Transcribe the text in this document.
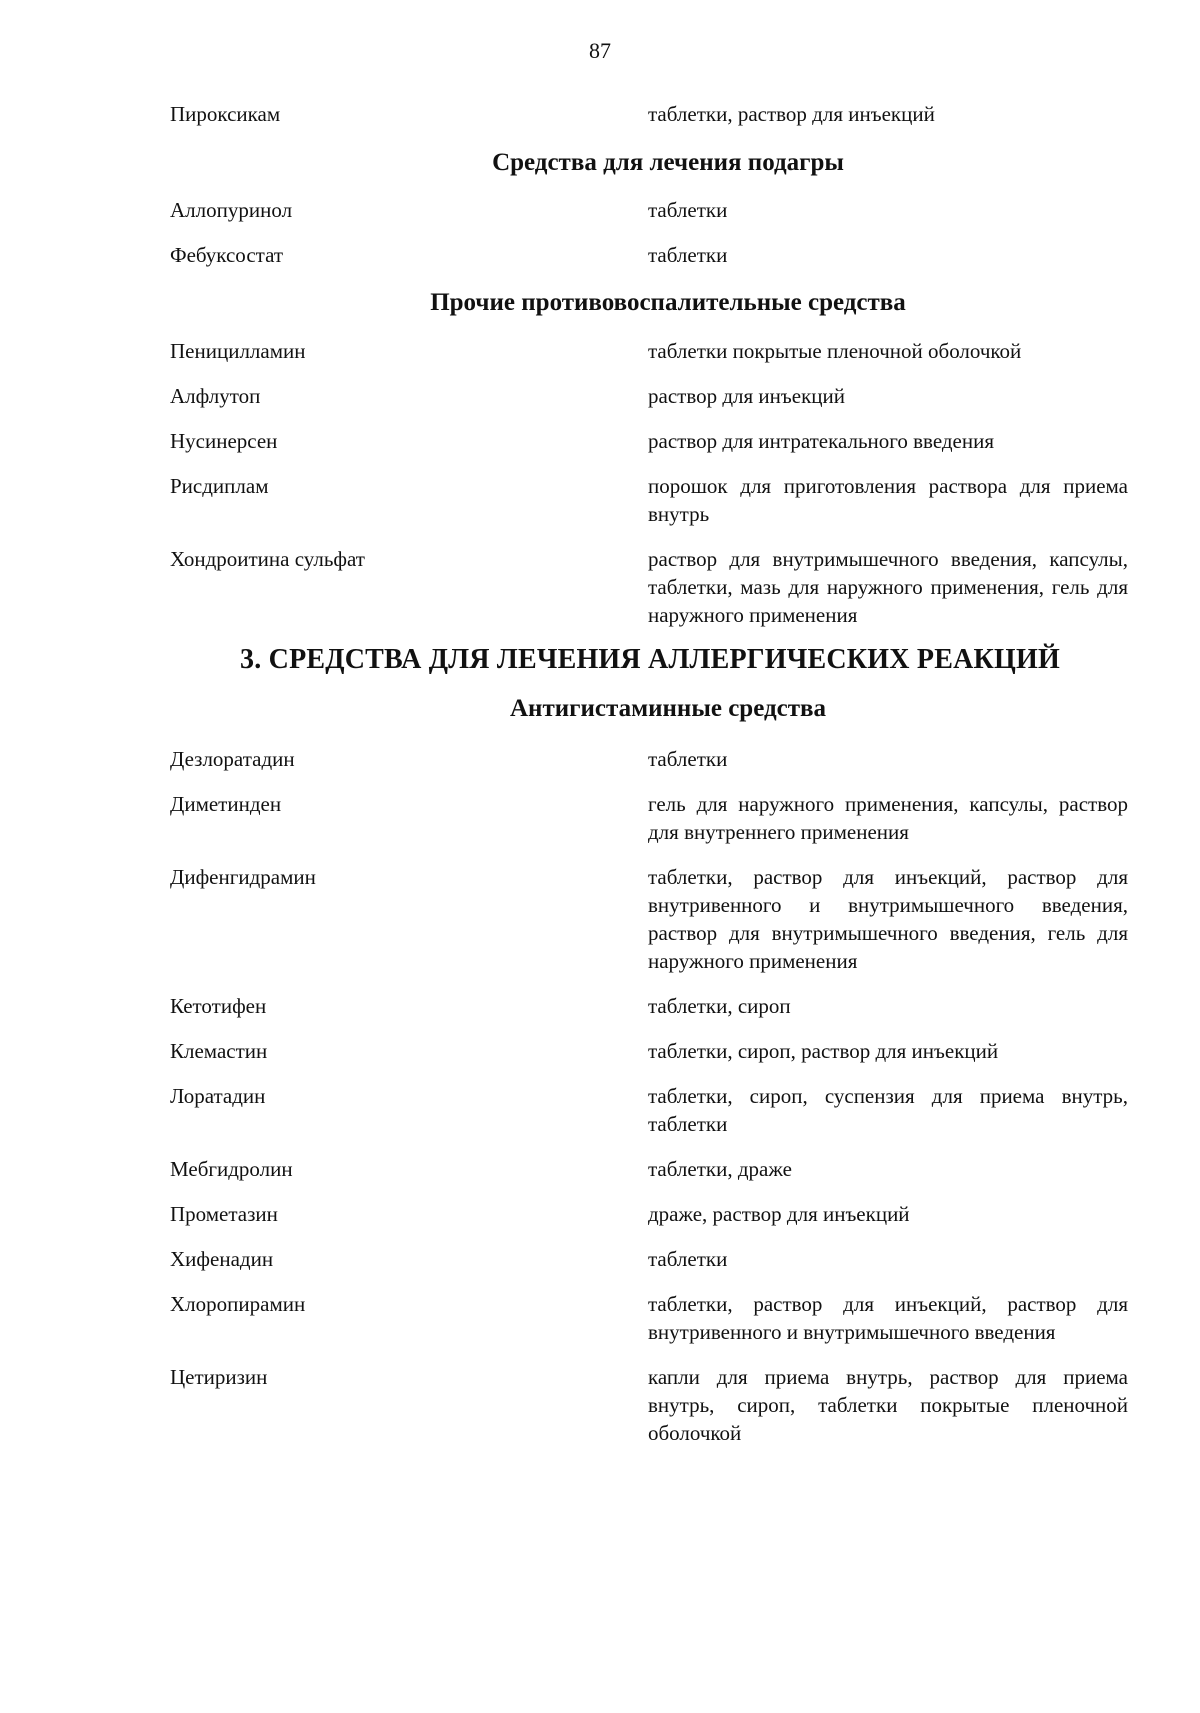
87
Пироксикам	таблетки, раствор для инъекций
Средства для лечения подагры
Аллопуринол	таблетки
Фебуксостат	таблетки
Прочие противовоспалительные средства
Пеницилламин	таблетки покрытые пленочной оболочкой
Алфлутоп	раствор для инъекций
Нусинерсен	раствор для интратекального введения
Рисдиплам	порошок для приготовления раствора для приема внутрь
Хондроитина сульфат	раствор для внутримышечного введения, капсулы, таблетки, мазь для наружного применения, гель для наружного применения
3. СРЕДСТВА ДЛЯ ЛЕЧЕНИЯ АЛЛЕРГИЧЕСКИХ РЕАКЦИЙ
Антигистаминные средства
Дезлоратадин	таблетки
Диметинден	гель для наружного применения, капсулы, раствор для внутреннего применения
Дифенгидрамин	таблетки, раствор для инъекций, раствор для внутривенного и внутримышечного введения, раствор для внутримышечного введения, гель для наружного применения
Кетотифен	таблетки, сироп
Клемастин	таблетки, сироп, раствор для инъекций
Лоратадин	таблетки, сироп, суспензия для приема внутрь, таблетки
Мебгидролин	таблетки, драже
Прометазин	драже, раствор для инъекций
Хифенадин	таблетки
Хлоропирамин	таблетки, раствор для инъекций, раствор для внутривенного и внутримышечного введения
Цетиризин	капли для приема внутрь, раствор для приема внутрь, сироп, таблетки покрытые пленочной оболочкой
